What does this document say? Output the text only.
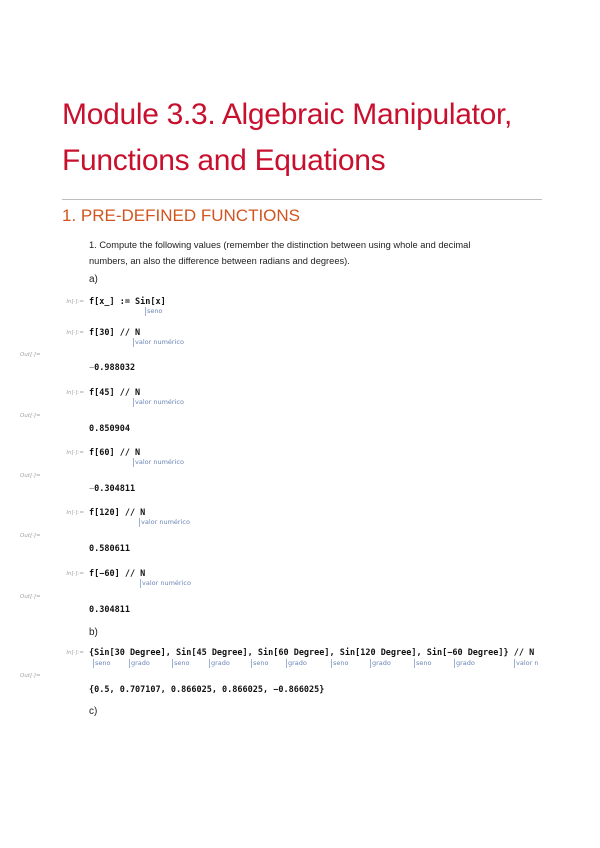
Module 3.3. Algebraic Manipulator,
Functions and Equations
1. PRE-DEFINED FUNCTIONS
1. Compute the following values (remember the distinction between using whole and decimal
numbers, an also the difference between radians and degrees).
a)
In[·]:= f[x_] := Sin[x]
seno
In[·]:= f[30] // N
valor numérico
Out[·]=
−0.988032
In[·]:= f[45] // N
valor numérico
Out[·]=
0.850904
In[·]:= f[60] // N
valor numérico
Out[·]=
−0.304811
In[·]:= f[120] // N
valor numérico
Out[·]=
0.580611
In[·]:= f[−60] // N
valor numérico
Out[·]=
0.304811
b)
In[·]:= {Sin[30 Degree], Sin[45 Degree], Sin[60 Degree], Sin[120 Degree], Sin[−60 Degree]} // N
seno	grado	seno	grado	seno	grado	seno	grado	seno	grado	valor n
Out[·]=
{0.5, 0.707107, 0.866025, 0.866025, −0.866025}
c)
